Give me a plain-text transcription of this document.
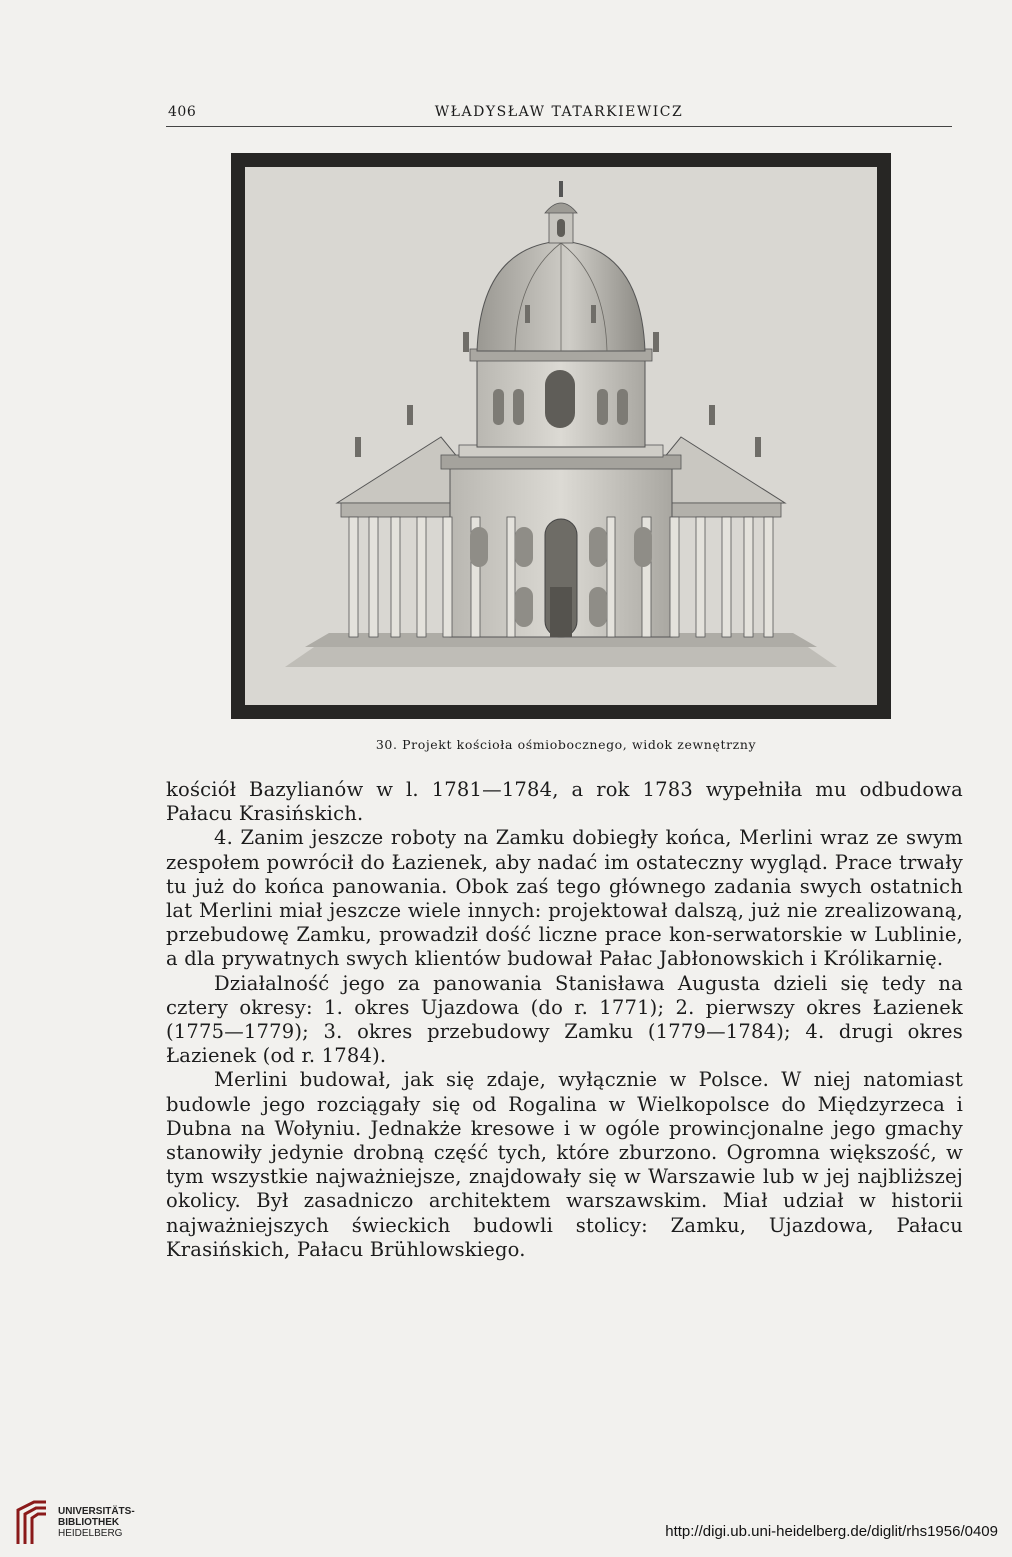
406	WŁADYSŁAW TATARKIEWICZ
30. Projekt kościoła ośmiobocznego, widok zewnętrzny

kościół Bazylianów w l. 1781—1784, a rok 1783 wypełniła mu odbudowa Pałacu Krasińskich.

4. Zanim jeszcze roboty na Zamku dobiegły końca, Merlini wraz ze swym zespołem powrócił do Łazienek, aby nadać im ostateczny wygląd. Prace trwały tu już do końca panowania. Obok zaś tego głównego zadania swych ostatnich lat Merlini miał jeszcze wiele innych: projektował dalszą, już nie zrealizowaną, przebudowę Zamku, prowadził dość liczne prace kon-serwatorskie w Lublinie, a dla prywatnych swych klientów budował Pałac Jabłonowskich i Królikarnię.

Działalność jego za panowania Stanisława Augusta dzieli się tedy na cztery okresy: 1. okres Ujazdowa (do r. 1771); 2. pierwszy okres Łazienek (1775—1779); 3. okres przebudowy Zamku (1779—1784); 4. drugi okres Łazienek (od r. 1784).

Merlini budował, jak się zdaje, wyłącznie w Polsce. W niej natomiast budowle jego rozciągały się od Rogalina w Wielkopolsce do Międzyrzeca i Dubna na Wołyniu. Jednakże kresowe i w ogóle prowincjonalne jego gmachy stanowiły jedynie drobną część tych, które zburzono. Ogromna większość, w tym wszystkie najważniejsze, znajdowały się w Warszawie lub w jej najbliższej okolicy. Był zasadniczo architektem warszawskim. Miał udział w historii najważniejszych świeckich budowli stolicy: Zamku, Ujazdowa, Pałacu Krasińskich, Pałacu Brühlowskiego.

UNIVERSITÄTS-
BIBLIOTHEK
HEIDELBERG	http://digi.ub.uni-heidelberg.de/diglit/rhs1956/0409
